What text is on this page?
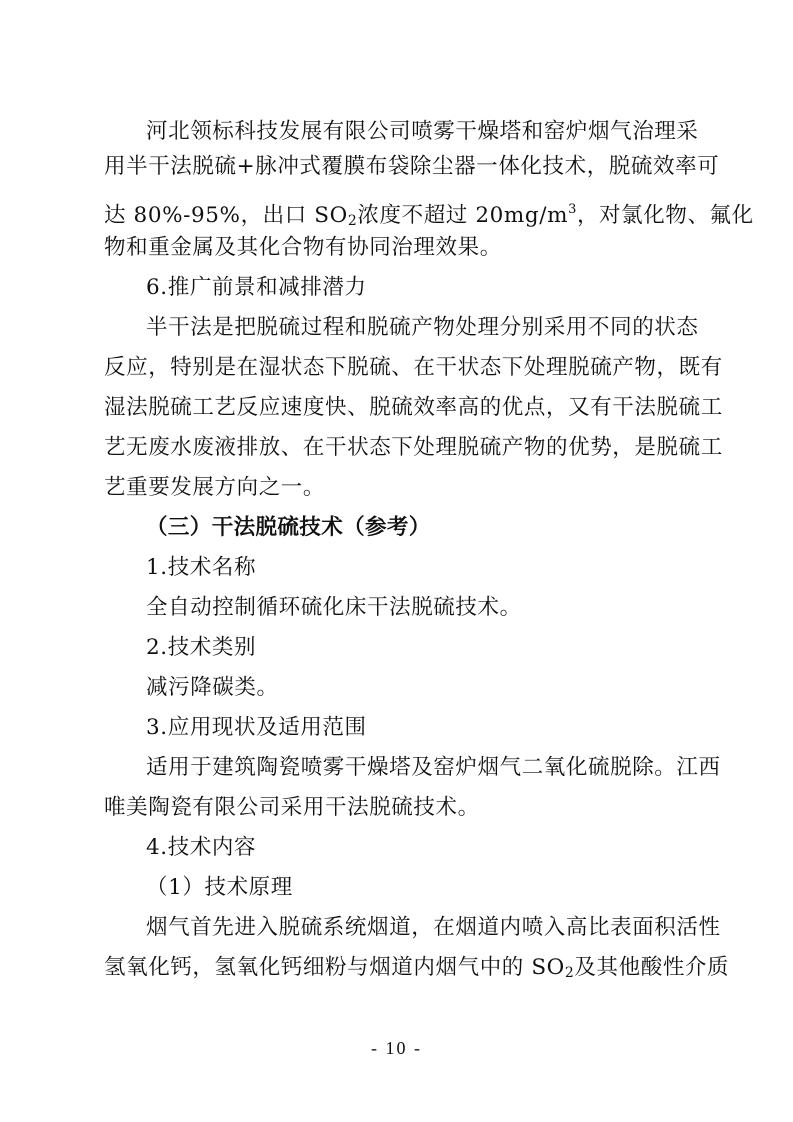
河北领标科技发展有限公司喷雾干燥塔和窑炉烟气治理采
用半干法脱硫+脉冲式覆膜布袋除尘器一体化技术，脱硫效率可
达 80%-95%，出口 $SO_2$浓度不超过 $20mg/m^3$，对氯化物、氟化
物和重金属及其化合物有协同治理效果。
6.推广前景和减排潜力
半干法是把脱硫过程和脱硫产物处理分别采用不同的状态
反应，特别是在湿状态下脱硫、在干状态下处理脱硫产物，既有
湿法脱硫工艺反应速度快、脱硫效率高的优点，又有干法脱硫工
艺无废水废液排放、在干状态下处理脱硫产物的优势，是脱硫工
艺重要发展方向之一。
（三）干法脱硫技术（参考）
1.技术名称
全自动控制循环硫化床干法脱硫技术。
2.技术类别
减污降碳类。
3.应用现状及适用范围
适用于建筑陶瓷喷雾干燥塔及窑炉烟气二氧化硫脱除。江西
唯美陶瓷有限公司采用干法脱硫技术。
4.技术内容
（1）技术原理
烟气首先进入脱硫系统烟道，在烟道内喷入高比表面积活性
氢氧化钙，氢氧化钙细粉与烟道内烟气中的 $SO_2$及其他酸性介质
- 10 -
